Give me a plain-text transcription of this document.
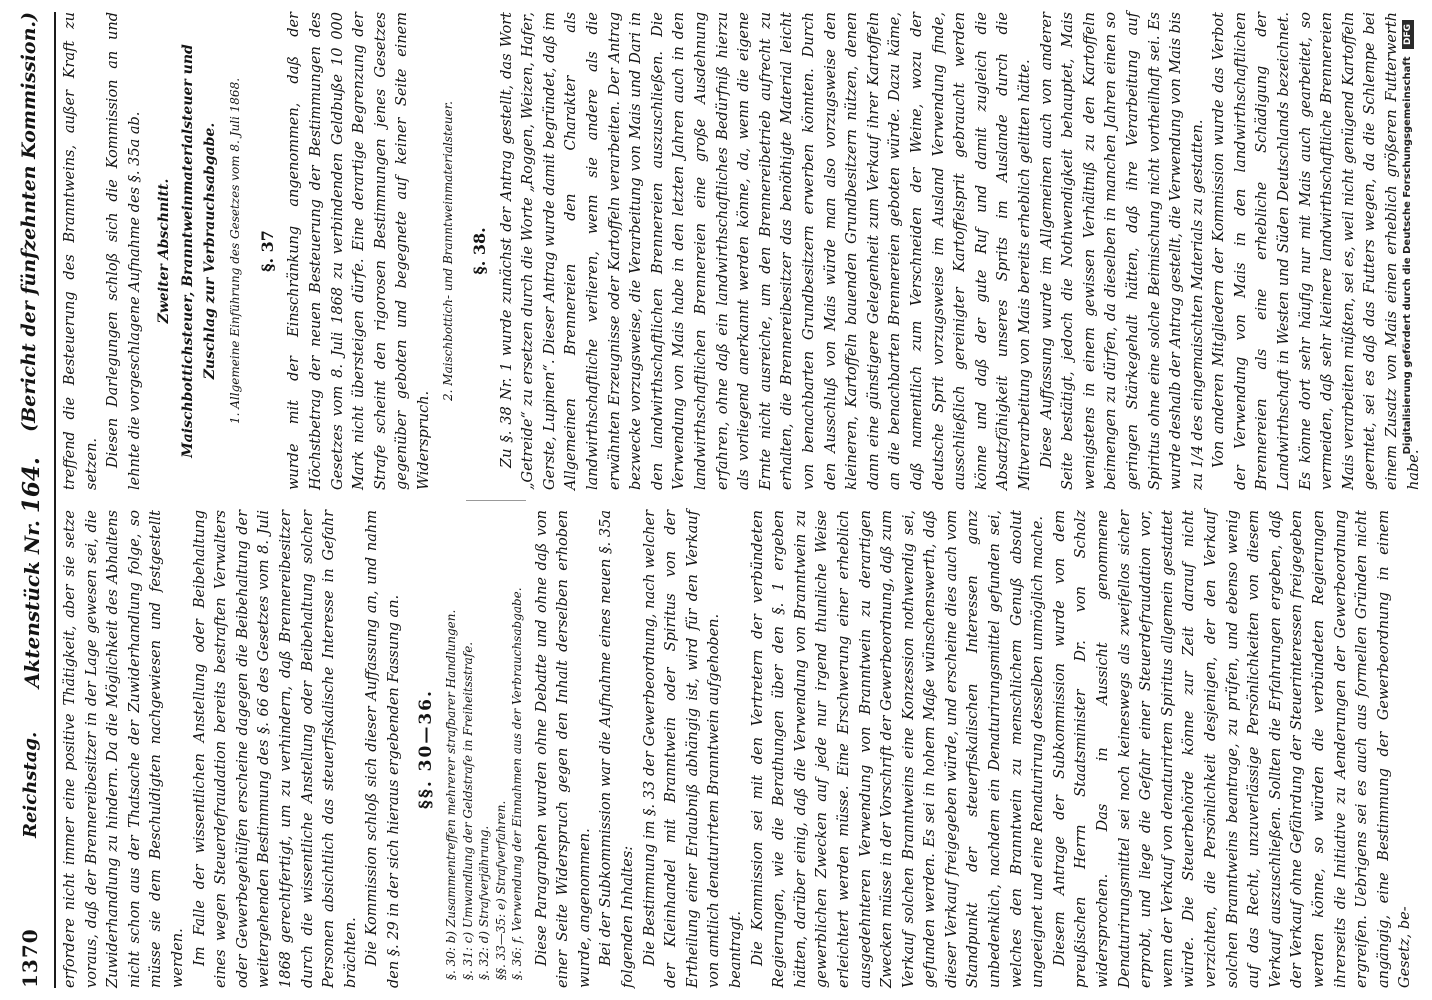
1370
Reichstag.
Aktenstück Nr. 164.
(Bericht der fünfzehnten Kommission.)

erfordere nicht immer eine positive Thätigkeit, aber sie setze voraus, daß der Brennereibesitzer in der Lage gewesen sei, die Zuwiderhandlung zu hindern. Da die Möglichkeit des Abhaltens nicht schon aus der Thatsache der Zuwiderhandlung folge, so müsse sie dem Beschuldigten nachgewiesen und festgestellt werden. Im Falle der wissentlichen Anstellung oder Beibehaltung eines wegen Steuerdefraudation bereits bestraften Verwalters oder Gewerbegehülfen erscheine dagegen die Beibehaltung der weitergehenden Bestimmung des §. 66 des Gesetzes vom 8. Juli 1868 gerechtfertigt, um zu verhindern, daß Brennereibesitzer durch die wissentliche Anstellung oder Beibehaltung solcher Personen absichtlich das steuerfiskalische Interesse in Gefahr brächten. Die Kommission schloß sich dieser Auffassung an, und nahm den §. 29 in der sich hieraus ergebenden Fassung an. §§. 30—36. §. 30: b) Zusammentreffen mehrerer strafbarer Handlungen. §. 31: c) Umwandlung der Geldstrafe in Freiheitsstrafe. §. 32: d) Strafverjährung. §§. 33—35: e) Strafverfahren. §. 36: f. Verwendung der Einnahmen aus der Verbrauchsabgabe. Diese Paragraphen wurden ohne Debatte und ohne daß von einer Seite Widerspruch gegen den Inhalt derselben erhoben wurde, angenommen. Bei der Subkommission war die Aufnahme eines neuen §. 35a folgenden Inhaltes: Die Bestimmung im §. 33 der Gewerbeordnung, nach welcher der Kleinhandel mit Branntwein oder Spiritus von der Ertheilung einer Erlaubniß abhängig ist, wird für den Verkauf von amtlich denaturirtem Branntwein aufgehoben. beantragt. Die Kommission sei mit den Vertretern der verbündeten Regierungen, wie die Berathungen über den §. 1 ergeben hätten, darüber einig, daß die Verwendung von Branntwein zu gewerblichen Zwecken auf jede nur irgend thunliche Weise erleichtert werden müsse. Eine Erschwerung einer erheblich ausgedehnteren Verwendung von Branntwein zu derartigen Zwecken müsse in der Vorschrift der Gewerbeordnung, daß zum Verkauf solchen Branntweins eine Konzession nothwendig sei, gefunden werden. Es sei in hohem Maße wünschenswerth, daß dieser Verkauf freigegeben würde, und erscheine dies auch vom Standpunkt der steuerfiskalischen Interessen ganz unbedenklich, nachdem ein Denaturirungsmittel gefunden sei, welches den Branntwein zu menschlichem Genuß absolut ungeeignet und eine Renaturirung desselben unmöglich mache. Diesem Antrage der Subkommission wurde von dem preußischen Herrn Staatsminister Dr. von Scholz widersprochen. Das in Aussicht genommene Denaturirungsmittel sei noch keineswegs als zweifellos sicher erprobt, und liege die Gefahr einer Steuerdefraudation vor, wenn der Verkauf von denaturirtem Spiritus allgemein gestattet würde. Die Steuerbehörde könne zur Zeit darauf nicht verzichten, die Persönlichkeit desjenigen, der den Verkauf solchen Branntweins beantrage, zu prüfen, und ebenso wenig auf das Recht, unzuverlässige Persönlichkeiten von diesem Verkauf auszuschließen. Sollten die Erfahrungen ergeben, daß der Verkauf ohne Gefährdung der Steuerinteressen freigegeben werden könne, so würden die verbündeten Regierungen ihrerseits die Initiative zu Aenderungen der Gewerbeordnung ergreifen. Uebrigens sei es auch aus formellen Gründen nicht angängig, eine Bestimmung der Gewerbeordnung in einem Gesetz, be-

treffend die Besteuerung des Branntweins, außer Kraft zu setzen. Diesen Darlegungen schloß sich die Kommission an und lehnte die vorgeschlagene Aufnahme des §. 35a ab. Zweiter Abschnitt. Maischbottichsteuer, Branntweinmaterialsteuer und Zuschlag zur Verbrauchsabgabe. 1. Allgemeine Einführung des Gesetzes vom 8. Juli 1868. §. 37 wurde mit der Einschränkung angenommen, daß der Höchstbetrag der neuen Besteuerung der Bestimmungen des Gesetzes vom 8. Juli 1868 zu verbindenden Geldbuße 10 000 Mark nicht übersteigen dürfe. Eine derartige Begrenzung der Strafe scheint den rigorosen Bestimmungen jenes Gesetzes gegenüber geboten und begegnete auf keiner Seite einem Widerspruch.

2. Maischbottich- und Branntweinmaterialsteuer. §. 38. Zu §. 38 Nr. 1 wurde zunächst der Antrag gestellt, das Wort „Getreide“ zu ersetzen durch die Worte „Roggen, Weizen, Hafer, Gerste, Lupinen“. Dieser Antrag wurde damit begründet, daß im Allgemeinen Brennereien den Charakter als landwirthschaftliche verlieren, wenn sie andere als die erwähnten Erzeugnisse oder Kartoffeln verarbeiten. Der Antrag bezwecke vorzugsweise, die Verarbeitung von Mais und Dari in den landwirthschaftlichen Brennereien auszuschließen. Die Verwendung von Mais habe in den letzten Jahren auch in den landwirthschaftlichen Brennereien eine große Ausdehnung erfahren, ohne daß ein landwirthschaftliches Bedürfniß hierzu als vorliegend anerkannt werden könne, da, wenn die eigene Ernte nicht ausreiche, um den Brennereibetrieb aufrecht zu erhalten, die Brennereibesitzer das benöthigte Material leicht von benachbarten Grundbesitzern erwerben könnten. Durch den Ausschluß von Mais würde man also vorzugsweise den kleineren, Kartoffeln bauenden Grundbesitzern nützen, denen dann eine günstigere Gelegenheit zum Verkauf ihrer Kartoffeln an die benachbarten Brennereien geboten würde. Dazu käme, daß namentlich zum Verschneiden der Weine, wozu der deutsche Sprit vorzugsweise im Ausland Verwendung finde, ausschließlich gereinigter Kartoffelsprit gebraucht werden könne und daß der gute Ruf und damit zugleich die Absatzfähigkeit unseres Sprits im Auslande durch die Mitverarbeitung von Mais bereits erheblich gelitten hätte. Diese Auffassung wurde im Allgemeinen auch von anderer Seite bestätigt, jedoch die Nothwendigkeit behauptet, Mais wenigstens in einem gewissen Verhältniß zu den Kartoffeln beimengen zu dürfen, da dieselben in manchen Jahren einen so geringen Stärkegehalt hätten, daß ihre Verarbeitung auf Spiritus ohne eine solche Beimischung nicht vortheilhaft sei. Es wurde deshalb der Antrag gestellt, die Verwendung von Mais bis zu 1/4 des eingemaischten Materials zu gestatten. Von anderen Mitgliedern der Kommission wurde das Verbot der Verwendung von Mais in den landwirthschaftlichen Brennereien als eine erhebliche Schädigung der Landwirthschaft in Westen und Süden Deutschlands bezeichnet. Es könne dort sehr häufig nur mit Mais auch gearbeitet, so vermeiden, daß sehr kleinere landwirthschaftliche Brennereien Mais verarbeiten müßten, sei es, weil nicht genügend Kartoffeln geerntet, sei es daß das Futters wegen, da die Schlempe bei einem Zusatz von Mais einen erheblich größeren Futterwerth habe.

Digitalisierung gefördert durch die Deutsche Forschungsgemeinschaft DFG
